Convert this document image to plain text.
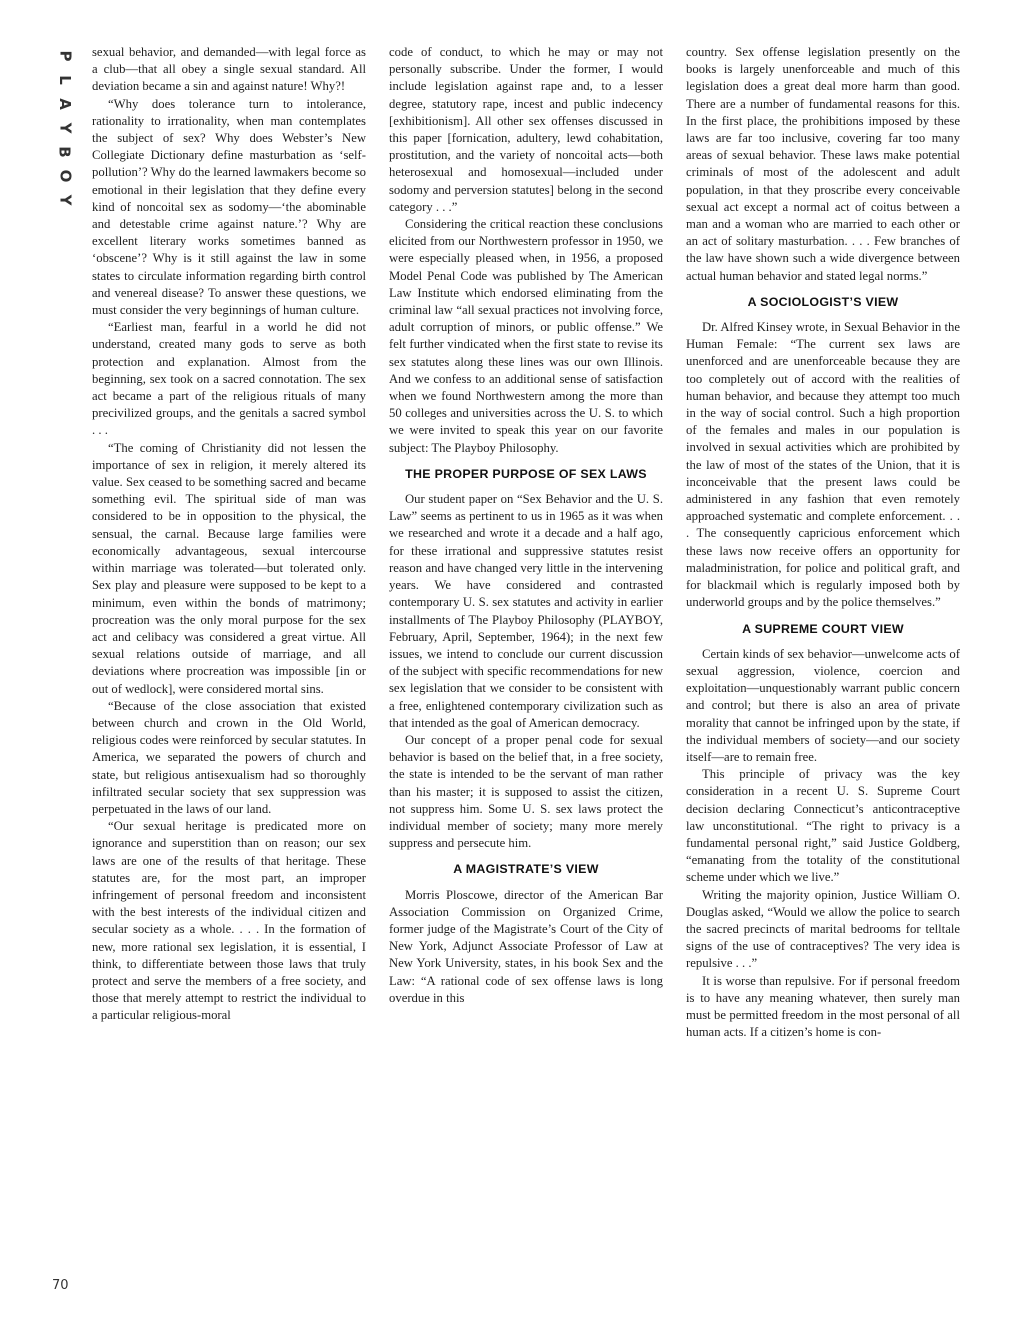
P
L
A
Y
B
O
Y
70

sexual behavior, and demanded—with legal force as a club—that all obey a single sexual standard. All deviation became a sin and against nature! Why?!

“Why does tolerance turn to intolerance, rationality to irrationality, when man contemplates the subject of sex? Why does Webster’s New Collegiate Dictionary define masturbation as ‘self-pollution’? Why do the learned lawmakers become so emotional in their legislation that they define every kind of noncoital sex as sodomy—‘the abominable and detestable crime against nature.’? Why are excellent literary works sometimes banned as ‘obscene’? Why is it still against the law in some states to circulate information regarding birth control and venereal disease? To answer these questions, we must consider the very beginnings of human culture.

“Earliest man, fearful in a world he did not understand, created many gods to serve as both protection and explanation. Almost from the beginning, sex took on a sacred connotation. The sex act became a part of the religious rituals of many precivilized groups, and the genitals a sacred symbol . . .

“The coming of Christianity did not lessen the importance of sex in religion, it merely altered its value. Sex ceased to be something sacred and became something evil. The spiritual side of man was considered to be in opposition to the physical, the sensual, the carnal. Because large families were economically advantageous, sexual intercourse within marriage was tolerated—but tolerated only. Sex play and pleasure were supposed to be kept to a minimum, even within the bonds of matrimony; procreation was the only moral purpose for the sex act and celibacy was considered a great virtue. All sexual relations outside of marriage, and all deviations where procreation was impossible [in or out of wedlock], were considered mortal sins.

“Because of the close association that existed between church and crown in the Old World, religious codes were reinforced by secular statutes. In America, we separated the powers of church and state, but religious antisexualism had so thoroughly infiltrated secular society that sex suppression was perpetuated in the laws of our land.

“Our sexual heritage is predicated more on ignorance and superstition than on reason; our sex laws are one of the results of that heritage. These statutes are, for the most part, an improper infringement of personal freedom and inconsistent with the best interests of the individual citizen and secular society as a whole. . . . In the formation of new, more rational sex legislation, it is essential, I think, to differentiate between those laws that truly protect and serve the members of a free society, and those that merely attempt to restrict the individual to a particular religious-moral

code of conduct, to which he may or may not personally subscribe. Under the former, I would include legislation against rape and, to a lesser degree, statutory rape, incest and public indecency [exhibitionism]. All other sex offenses discussed in this paper [fornication, adultery, lewd cohabitation, prostitution, and the variety of noncoital acts—both heterosexual and homosexual—included under sodomy and perversion statutes] belong in the second category . . .”

Considering the critical reaction these conclusions elicited from our Northwestern professor in 1950, we were especially pleased when, in 1956, a proposed Model Penal Code was published by The American Law Institute which endorsed eliminating from the criminal law “all sexual practices not involving force, adult corruption of minors, or public offense.” We felt further vindicated when the first state to revise its sex statutes along these lines was our own Illinois. And we confess to an additional sense of satisfaction when we found Northwestern among the more than 50 colleges and universities across the U. S. to which we were invited to speak this year on our favorite subject: The Playboy Philosophy.

THE PROPER PURPOSE OF SEX LAWS

Our student paper on “Sex Behavior and the U. S. Law” seems as pertinent to us in 1965 as it was when we researched and wrote it a decade and a half ago, for these irrational and suppressive statutes resist reason and have changed very little in the intervening years. We have considered and contrasted contemporary U. S. sex statutes and activity in earlier installments of The Playboy Philosophy (PLAYBOY, February, April, September, 1964); in the next few issues, we intend to conclude our current discussion of the subject with specific recommendations for new sex legislation that we consider to be consistent with a free, enlightened contemporary civilization such as that intended as the goal of American democracy.

Our concept of a proper penal code for sexual behavior is based on the belief that, in a free society, the state is intended to be the servant of man rather than his master; it is supposed to assist the citizen, not suppress him. Some U. S. sex laws protect the individual member of society; many more merely suppress and persecute him.

A MAGISTRATE’S VIEW

Morris Ploscowe, director of the American Bar Association Commission on Organized Crime, former judge of the Magistrate’s Court of the City of New York, Adjunct Associate Professor of Law at New York University, states, in his book Sex and the Law: “A rational code of sex offense laws is long overdue in this

country. Sex offense legislation presently on the books is largely unenforceable and much of this legislation does a great deal more harm than good. There are a number of fundamental reasons for this. In the first place, the prohibitions imposed by these laws are far too inclusive, covering far too many areas of sexual behavior. These laws make potential criminals of most of the adolescent and adult population, in that they proscribe every conceivable sexual act except a normal act of coitus between a man and a woman who are married to each other or an act of solitary masturbation. . . . Few branches of the law have shown such a wide divergence between actual human behavior and stated legal norms.”

A SOCIOLOGIST’S VIEW

Dr. Alfred Kinsey wrote, in Sexual Behavior in the Human Female: “The current sex laws are unenforced and are unenforceable because they are too completely out of accord with the realities of human behavior, and because they attempt too much in the way of social control. Such a high proportion of the females and males in our population is involved in sexual activities which are prohibited by the law of most of the states of the Union, that it is inconceivable that the present laws could be administered in any fashion that even remotely approached systematic and complete enforcement. . . . The consequently capricious enforcement which these laws now receive offers an opportunity for maladministration, for police and political graft, and for blackmail which is regularly imposed both by underworld groups and by the police themselves.”

A SUPREME COURT VIEW

Certain kinds of sex behavior—unwelcome acts of sexual aggression, violence, coercion and exploitation—unquestionably warrant public concern and control; but there is also an area of private morality that cannot be infringed upon by the state, if the individual members of society—and our society itself—are to remain free.

This principle of privacy was the key consideration in a recent U. S. Supreme Court decision declaring Connecticut’s anticontraceptive law unconstitutional. “The right to privacy is a fundamental personal right,” said Justice Goldberg, “emanating from the totality of the constitutional scheme under which we live.”

Writing the majority opinion, Justice William O. Douglas asked, “Would we allow the police to search the sacred precincts of marital bedrooms for telltale signs of the use of contraceptives? The very idea is repulsive . . .”

It is worse than repulsive. For if personal freedom is to have any meaning whatever, then surely man must be permitted freedom in the most personal of all human acts. If a citizen’s home is con-
